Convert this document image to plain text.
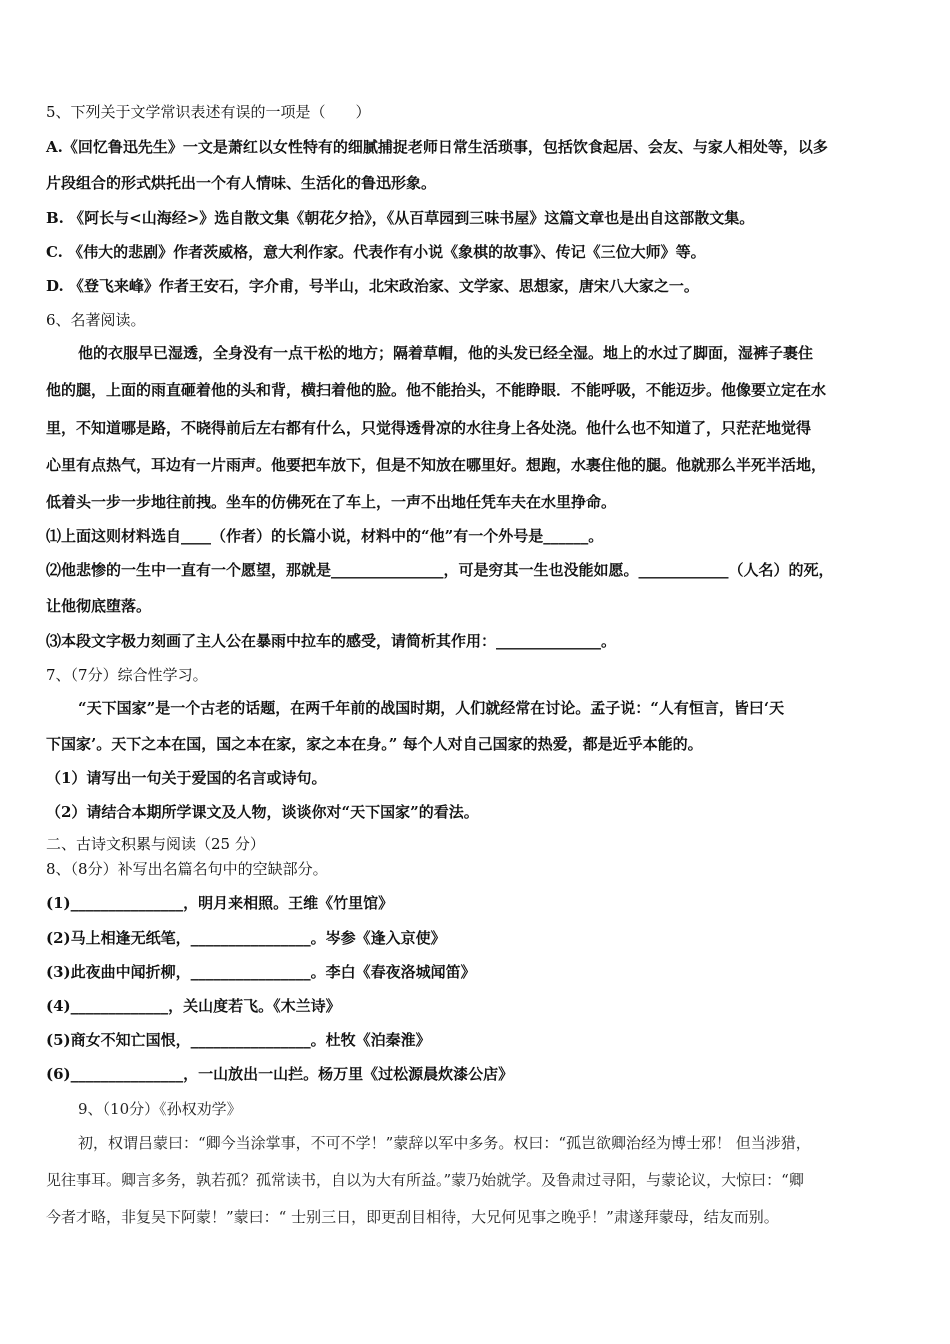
5、下列关于文学常识表述有误的一项是（　　）
A.《回忆鲁迅先生》一文是萧红以女性特有的细腻捕捉老师日常生活琐事，包括饮食起居、会友、与家人相处等，以多
片段组合的形式烘托出一个有人情味、生活化的鲁迅形象。
B. 《阿长与<山海经>》选自散文集《朝花夕拾》，《从百草园到三味书屋》这篇文章也是出自这部散文集。
C. 《伟大的悲剧》作者茨威格，意大利作家。代表作有小说《象棋的故事》、传记《三位大师》等。
D. 《登飞来峰》作者王安石，字介甫，号半山，北宋政治家、文学家、思想家，唐宋八大家之一。
6、名著阅读。
他的衣服早已湿透，全身没有一点干松的地方；隔着草帽，他的头发已经全湿。地上的水过了脚面，湿裤子裹住
他的腿，上面的雨直砸着他的头和背，横扫着他的脸。他不能抬头，不能睁眼．不能呼吸，不能迈步。他像要立定在水
里，不知道哪是路，不晓得前后左右都有什么，只觉得透骨凉的水往身上各处浇。他什么也不知道了，只茫茫地觉得
心里有点热气，耳边有一片雨声。他要把车放下，但是不知放在哪里好。想跑，水裹住他的腿。他就那么半死半活地，
低着头一步一步地往前拽。坐车的仿佛死在了车上，一声不出地任凭车夫在水里挣命。
⑴上面这则材料选自____（作者）的长篇小说，材料中的“他”有一个外号是______。
⑵他悲惨的一生中一直有一个愿望，那就是_______________，可是穷其一生也没能如愿。____________（人名）的死，
让他彻底堕落。
⑶本段文字极力刻画了主人公在暴雨中拉车的感受，请简析其作用：______________。
7、（7分）综合性学习。
“天下国家”是一个古老的话题，在两千年前的战国时期，人们就经常在讨论。孟子说：“人有恒言，皆曰‘天
下国家’。天下之本在国，国之本在家，家之本在身。” 每个人对自己国家的热爱，都是近乎本能的。
（1）请写出一句关于爱国的名言或诗句。
（2）请结合本期所学课文及人物，谈谈你对“天下国家”的看法。
二、古诗文积累与阅读（25 分）
8、（8分）补写出名篇名句中的空缺部分。
(1)_______________，明月来相照。王维《竹里馆》
(2)马上相逢无纸笔，________________。岑参《逢入京使》
(3)此夜曲中闻折柳，________________。李白《春夜洛城闻笛》
(4)_____________，关山度若飞。《木兰诗》
(5)商女不知亡国恨，________________。杜牧《泊秦淮》
(6)_______________，一山放出一山拦。杨万里《过松源晨炊漆公店》
9、（10分）《孙权劝学》
初，权谓吕蒙曰：“卿今当涂掌事，不可不学！”蒙辞以军中多务。权曰：“孤岂欲卿治经为博士邪！ 但当涉猎，
见往事耳。卿言多务，孰若孤？孤常读书，自以为大有所益。”蒙乃始就学。及鲁肃过寻阳，与蒙论议，大惊曰：“卿
今者才略，非复吴下阿蒙！”蒙曰：“ 士别三日，即更刮目相待，大兄何见事之晚乎！”肃遂拜蒙母，结友而别。
